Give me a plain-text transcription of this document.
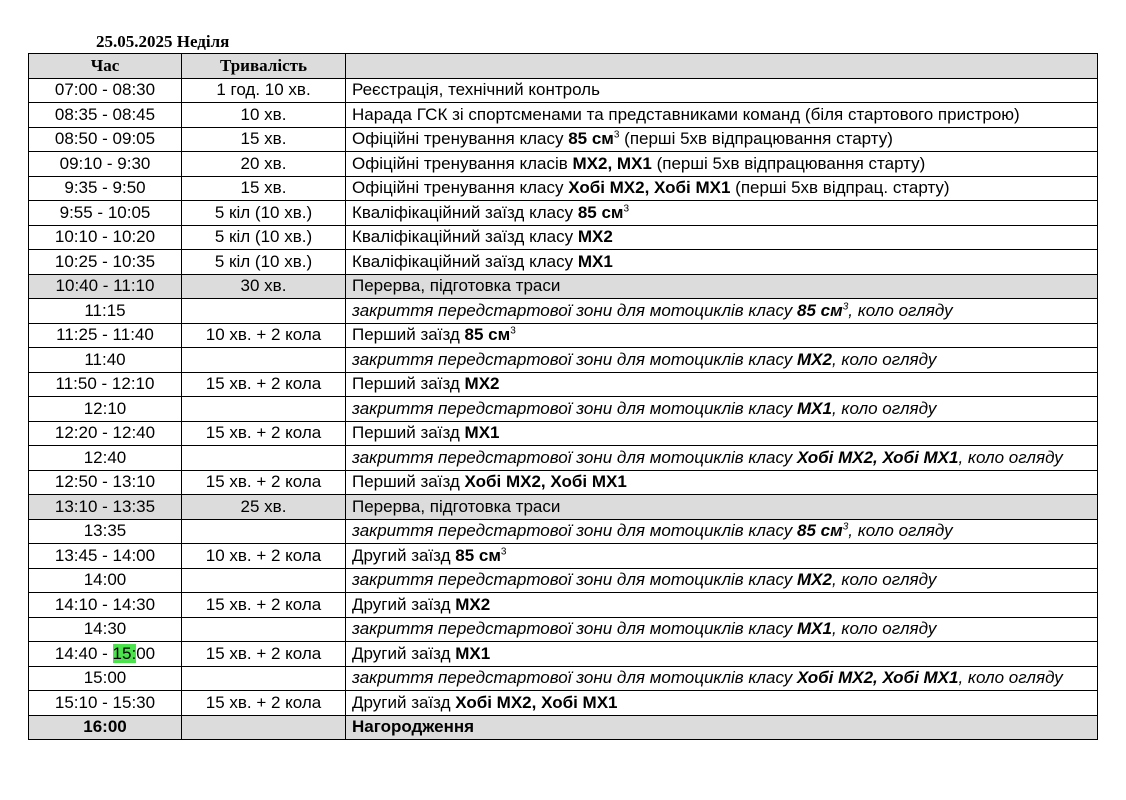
25.05.2025 Неділя
Час	Тривалість	
07:00 - 08:30	1 год. 10 хв.	Реєстрація, технічний контроль
08:35 - 08:45	10 хв.	Нарада ГСК зі спортсменами та представниками команд (біля стартового пристрою)
08:50 - 09:05	15 хв.	Офіційні тренування класу 85 $см^3$ (перші 5хв відпрацювання старту)
09:10 - 9:30	20 хв.	Офіційні тренування класів МХ2, МХ1 (перші 5хв відпрацювання старту)
9:35 - 9:50	15 хв.	Офіційні тренування класу Хобі МХ2, Хобі МХ1 (перші 5хв відпрац. старту)
9:55 - 10:05	5 кіл (10 хв.)	Кваліфікаційний заїзд класу 85 $см^3$
10:10 - 10:20	5 кіл (10 хв.)	Кваліфікаційний заїзд класу МХ2
10:25 - 10:35	5 кіл (10 хв.)	Кваліфікаційний заїзд класу МХ1
10:40 - 11:10	30 хв.	Перерва, підготовка траси
11:15		закриття передстартової зони для мотоциклів класу 85 $см^3$, коло огляду
11:25 - 11:40	10 хв. + 2 кола	Перший заїзд 85 $см^3$
11:40		закриття передстартової зони для мотоциклів класу МХ2, коло огляду
11:50 - 12:10	15 хв. + 2 кола	Перший заїзд МХ2
12:10		закриття передстартової зони для мотоциклів класу МХ1, коло огляду
12:20 - 12:40	15 хв. + 2 кола	Перший заїзд МХ1
12:40		закриття передстартової зони для мотоциклів класу Хобі МХ2, Хобі МХ1, коло огляду
12:50 - 13:10	15 хв. + 2 кола	Перший заїзд Хобі МХ2, Хобі МХ1
13:10 - 13:35	25 хв.	Перерва, підготовка траси
13:35		закриття передстартової зони для мотоциклів класу 85 $см^3$, коло огляду
13:45 - 14:00	10 хв. + 2 кола	Другий заїзд 85 $см^3$
14:00		закриття передстартової зони для мотоциклів класу МХ2, коло огляду
14:10 - 14:30	15 хв. + 2 кола	Другий заїзд МХ2
14:30		закриття передстартової зони для мотоциклів класу МХ1, коло огляду
14:40 - 15:00	15 хв. + 2 кола	Другий заїзд МХ1
15:00		закриття передстартової зони для мотоциклів класу Хобі МХ2, Хобі МХ1, коло огляду
15:10 - 15:30	15 хв. + 2 кола	Другий заїзд Хобі МХ2, Хобі МХ1
16:00		Нагородження
